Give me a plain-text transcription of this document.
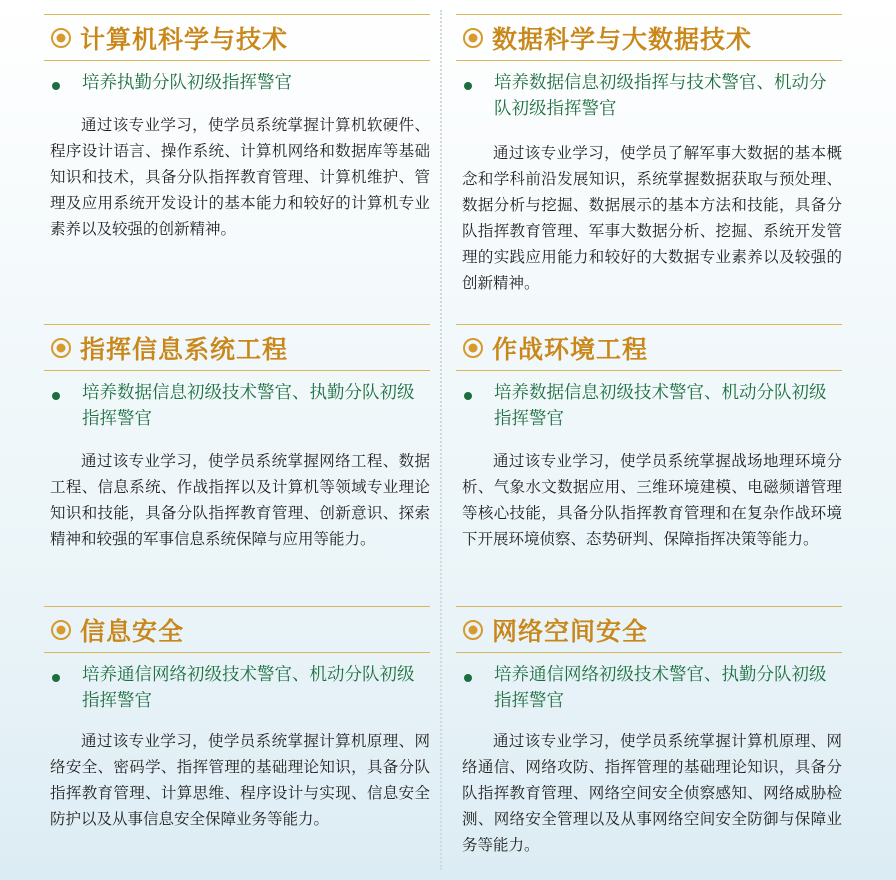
计算机科学与技术
培养执勤分队初级指挥警官
通过该专业学习，使学员系统掌握计算机软硬件、程序设计语言、操作系统、计算机网络和数据库等基础知识和技术，具备分队指挥教育管理、计算机维护、管理及应用系统开发设计的基本能力和较好的计算机专业素养以及较强的创新精神。
数据科学与大数据技术
培养数据信息初级指挥与技术警官、机动分队初级指挥警官
通过该专业学习，使学员了解军事大数据的基本概念和学科前沿发展知识，系统掌握数据获取与预处理、数据分析与挖掘、数据展示的基本方法和技能，具备分队指挥教育管理、军事大数据分析、挖掘、系统开发管理的实践应用能力和较好的大数据专业素养以及较强的创新精神。
指挥信息系统工程
培养数据信息初级技术警官、执勤分队初级指挥警官
通过该专业学习，使学员系统掌握网络工程、数据工程、信息系统、作战指挥以及计算机等领域专业理论知识和技能，具备分队指挥教育管理、创新意识、探索精神和较强的军事信息系统保障与应用等能力。
作战环境工程
培养数据信息初级技术警官、机动分队初级指挥警官
通过该专业学习，使学员系统掌握战场地理环境分析、气象水文数据应用、三维环境建模、电磁频谱管理等核心技能，具备分队指挥教育管理和在复杂作战环境下开展环境侦察、态势研判、保障指挥决策等能力。
信息安全
培养通信网络初级技术警官、机动分队初级指挥警官
通过该专业学习，使学员系统掌握计算机原理、网络安全、密码学、指挥管理的基础理论知识，具备分队指挥教育管理、计算思维、程序设计与实现、信息安全防护以及从事信息安全保障业务等能力。
网络空间安全
培养通信网络初级技术警官、执勤分队初级指挥警官
通过该专业学习，使学员系统掌握计算机原理、网络通信、网络攻防、指挥管理的基础理论知识，具备分队指挥教育管理、网络空间安全侦察感知、网络威胁检测、网络安全管理以及从事网络空间安全防御与保障业务等能力。
